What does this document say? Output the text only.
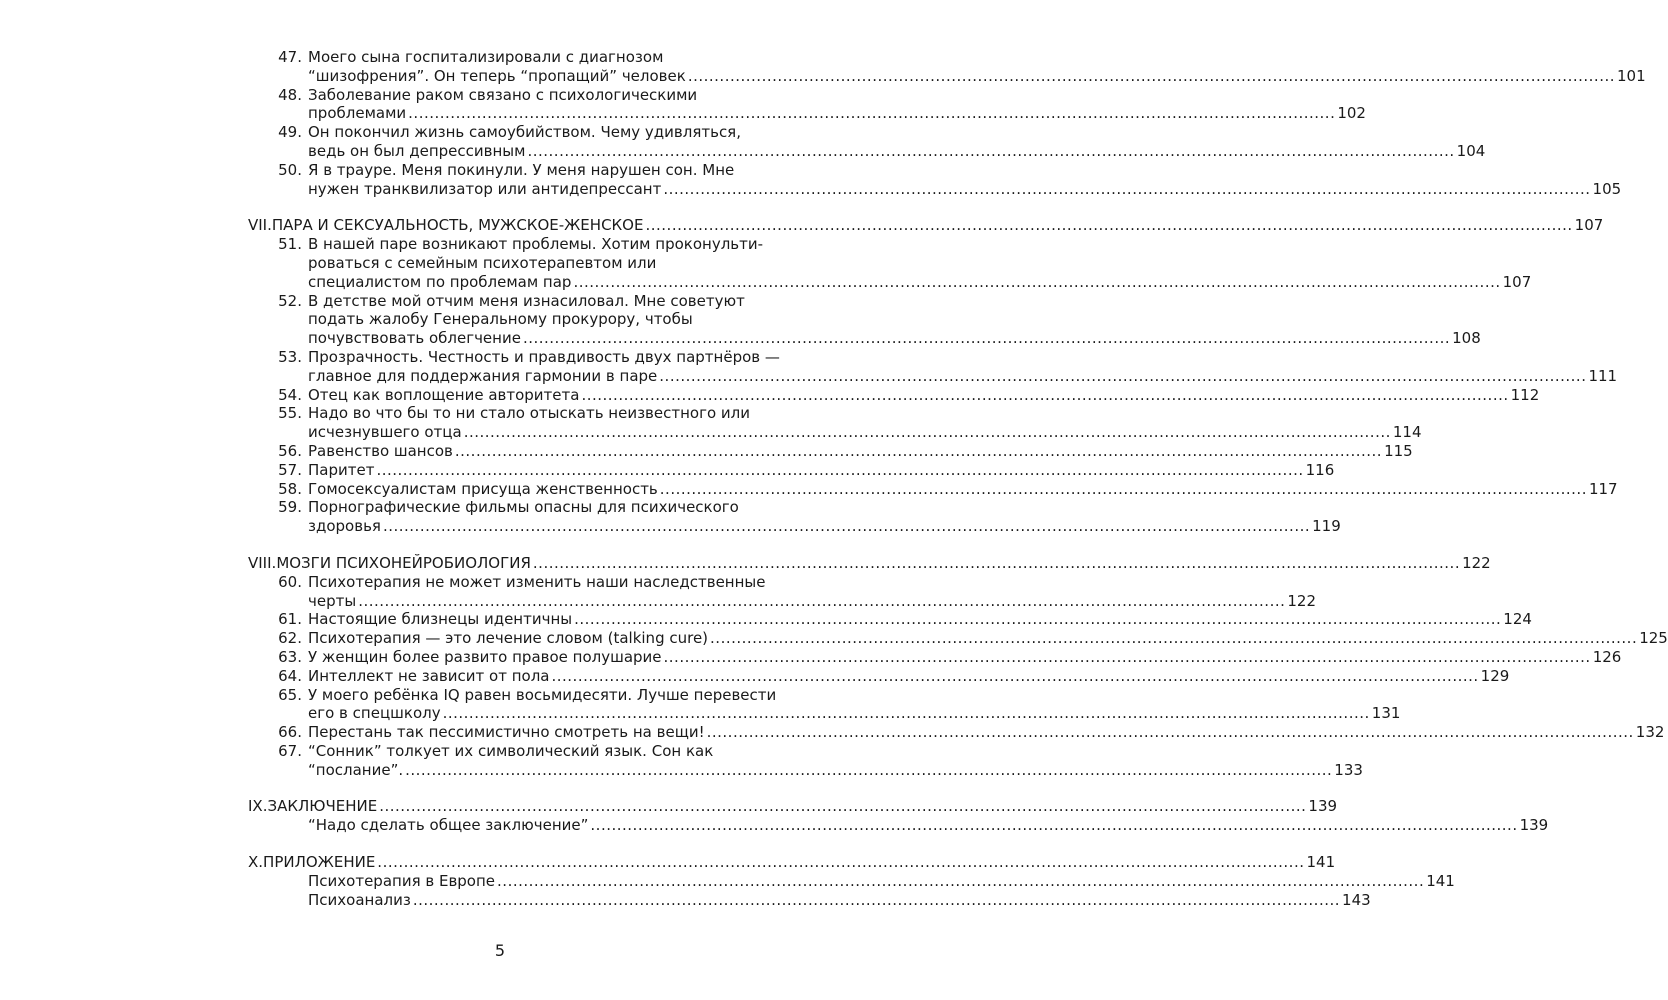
47. Моего сына госпитализировали с диагнозом
“шизофрения”. Он теперь “пропащий” человек .....	101
48. Заболевание раком связано с психологическими
проблемами .....	102
49. Он покончил жизнь самоубийством. Чему удивляться,
ведь он был депрессивным .....	104
50. Я в трауре. Меня покинули. У меня нарушен сон. Мне
нужен транквилизатор или антидепрессант .....	105
VII. ПАРА И СЕКСУАЛЬНОСТЬ, МУЖСКОЕ-ЖЕНСКОЕ .....	107
51. В нашей паре возникают проблемы. Хотим проконульти-
роваться с семейным психотерапевтом или
специалистом по проблемам пар .....	107
52. В детстве мой отчим меня изнасиловал. Мне советуют
подать жалобу Генеральному прокурору, чтобы
почувствовать облегчение .....	108
53. Прозрачность. Честность и правдивость двух партнёров —
главное для поддержания гармонии в паре .....	111
54. Отец как воплощение авторитета .....	112
55. Надо во что бы то ни стало отыскать неизвестного или
исчезнувшего отца .....	114
56. Равенство шансов .....	115
57. Паритет .....	116
58. Гомосексуалистам присуща женственность .....	117
59. Порнографические фильмы опасны для психического
здоровья .....	119
VIII. МОЗГИ ПСИХОНЕЙРОБИОЛОГИЯ .....	122
60. Психотерапия не может изменить наши наследственные
черты .....	122
61. Настоящие близнецы идентичны .....	124
62. Психотерапия — это лечение словом (talking cure) .....	125
63. У женщин более развито правое полушарие .....	126
64. Интеллект не зависит от пола .....	129
65. У моего ребёнка IQ равен восьмидесяти. Лучше перевести
его в спецшколу .....	131
66. Перестань так пессимистично смотреть на вещи! .....	132
67. “Сонник” толкует их символический язык. Сон как
“послание”. .....	133
IX. ЗАКЛЮЧЕНИЕ .....	139
“Надо сделать общее заключение” .....	139
X. ПРИЛОЖЕНИЕ .....	141
Психотерапия в Европе .....	141
Психоанализ .....	143
5
